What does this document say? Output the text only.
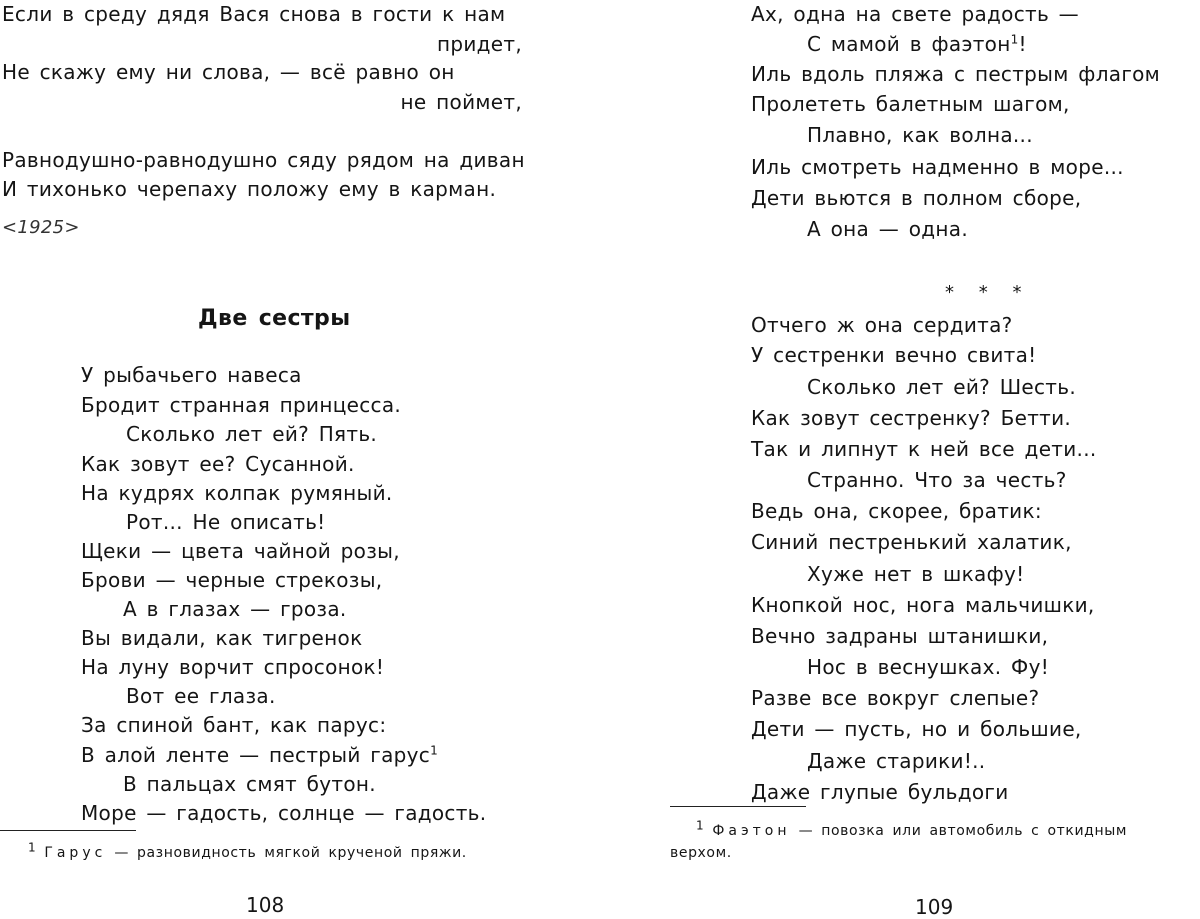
Если в среду дядя Вася снова в гости к нам
придет,
Не скажу ему ни слова, — всё равно он
не поймет,
Равнодушно-равнодушно сяду рядом на диван
И тихонько черепаху положу ему в карман.
<1925>
Две сестры
У рыбачьего навеса
Бродит странная принцесса.
Сколько лет ей? Пять.
Как зовут ее? Сусанной.
На кудрях колпак румяный.
Рот... Не описать!
Щеки — цвета чайной розы,
Брови — черные стрекозы,
А в глазах — гроза.
Вы видали, как тигренок
На луну ворчит спросонок!
Вот ее глаза.
За спиной бант, как парус:
В алой ленте — пестрый гарус$^1$
В пальцах смят бутон.
Море — гадость, солнце — гадость.
$^1$ Гарус — разновидность мягкой крученой пряжи.
108
Ах, одна на свете радость —
С мамой в фаэтон$^1$!
Иль вдоль пляжа с пестрым флагом
Пролететь балетным шагом,
Плавно, как волна...
Иль смотреть надменно в море...
Дети вьются в полном сборе,
А она — одна.
* * *
Отчего ж она сердита?
У сестренки вечно свита!
Сколько лет ей? Шесть.
Как зовут сестренку? Бетти.
Так и липнут к ней все дети...
Странно. Что за честь?
Ведь она, скорее, братик:
Синий пестренький халатик,
Хуже нет в шкафу!
Кнопкой нос, нога мальчишки,
Вечно задраны штанишки,
Нос в веснушках. Фу!
Разве все вокруг слепые?
Дети — пусть, но и большие,
Даже старики!..
Даже глупые бульдоги
$^1$ Фаэтон — повозка или автомобиль с откидным
верхом.
109
